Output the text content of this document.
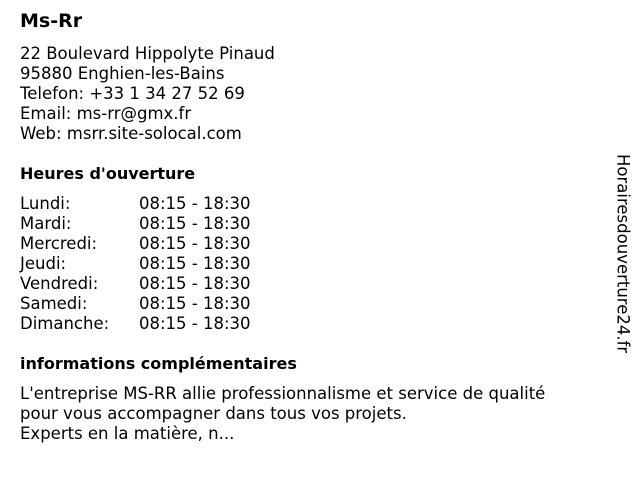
Ms-Rr
22 Boulevard Hippolyte Pinaud
95880 Enghien-les-Bains
Telefon: +33 1 34 27 52 69
Email: ms-rr@gmx.fr
Web: msrr.site-solocal.com
Heures d'ouverture
Lundi:	08:15 - 18:30
Mardi:	08:15 - 18:30
Mercredi:	08:15 - 18:30
Jeudi:	08:15 - 18:30
Vendredi:	08:15 - 18:30
Samedi:	08:15 - 18:30
Dimanche:	08:15 - 18:30
informations complémentaires
L'entreprise MS-RR allie professionnalisme et service de qualité
pour vous accompagner dans tous vos projets.
Experts en la matière, n...
Horairesdouverture24.fr
